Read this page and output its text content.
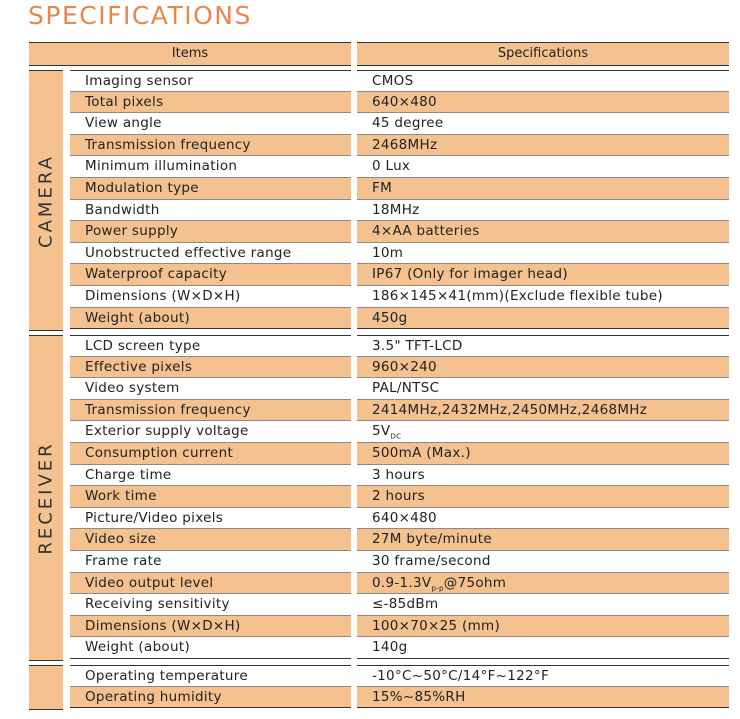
SPECIFICATIONS
Items	Specifications
CAMERA
Imaging sensor	CMOS
Total pixels	640×480
View angle	45 degree
Transmission frequency	2468MHz
Minimum illumination	0 Lux
Modulation type	FM
Bandwidth	18MHz
Power supply	4×AA batteries
Unobstructed effective range	10m
Waterproof capacity	IP67 (Only for imager head)
Dimensions (W×D×H)	186×145×41(mm)(Exclude flexible tube)
Weight (about)	450g
RECEIVER
LCD screen type	3.5" TFT-LCD
Effective pixels	960×240
Video system	PAL/NTSC
Transmission frequency	2414MHz,2432MHz,2450MHz,2468MHz
Exterior supply voltage	$5V_{DC}$
Consumption current	500mA (Max.)
Charge time	3 hours
Work time	2 hours
Picture/Video pixels	640×480
Video size	27M byte/minute
Frame rate	30 frame/second
Video output level	$0.9-1.3V_{p-p}@75ohm$
Receiving sensitivity	≤-85dBm
Dimensions (W×D×H)	100×70×25 (mm)
Weight (about)	140g
Operating temperature	-10°C~50°C/14°F~122°F
Operating humidity	15%~85%RH
